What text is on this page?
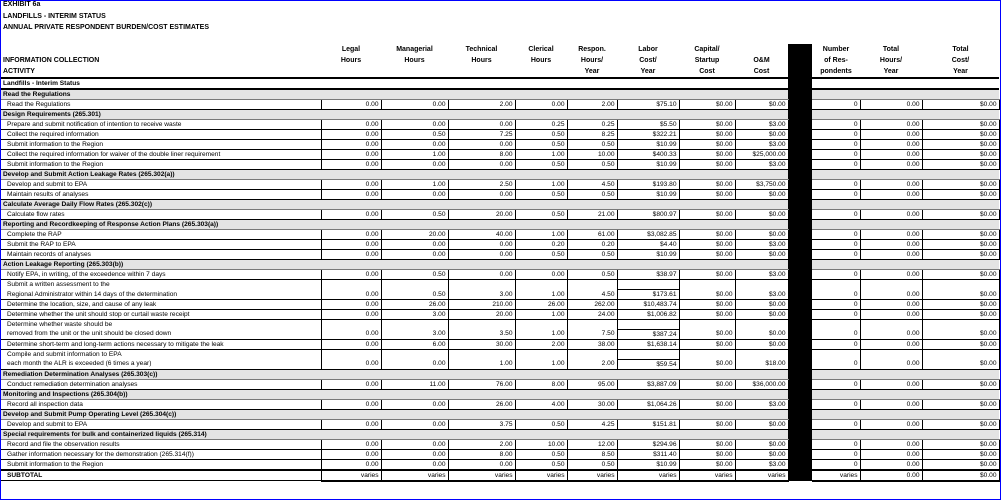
EXHIBIT 6a
LANDFILLS - INTERIM STATUS
ANNUAL PRIVATE RESPONDENT BURDEN/COST ESTIMATES
	Legal	Managerial	Technical	Clerical	Respon.	Labor	Capital/			Number	Total	Total
INFORMATION COLLECTION	Hours	Hours	Hours	Hours	Hours/	Cost/	Startup	O&M		of Res-	Hours/	Cost/
ACTIVITY					Year	Year	Cost	Cost		pondents	Year	Year
Landfills - Interim Status												
Read the Regulations												
Read the Regulations	0.00	0.00	2.00	0.00	2.00	$75.10	$0.00	$0.00		0	0.00	$0.00
Design Requirements (265.301)												
Prepare and submit notification of intention to receive waste	0.00	0.00	0.00	0.25	0.25	$5.50	$0.00	$3.00		0	0.00	$0.00
Collect the required information	0.00	0.50	7.25	0.50	8.25	$322.21	$0.00	$0.00		0	0.00	$0.00
Submit information to the Region	0.00	0.00	0.00	0.50	0.50	$10.99	$0.00	$3.00		0	0.00	$0.00
Collect the required information for waiver of the double liner requirement	0.00	1.00	8.00	1.00	10.00	$400.33	$0.00	$25,000.00		0	0.00	$0.00
Submit information to the Region	0.00	0.00	0.00	0.50	0.50	$10.99	$0.00	$3.00		0	0.00	$0.00
Develop and Submit Action Leakage Rates (265.302(a))												
Develop and submit to EPA	0.00	1.00	2.50	1.00	4.50	$193.80	$0.00	$3,750.00		0	0.00	$0.00
Maintain results of analyses	0.00	0.00	0.00	0.50	0.50	$10.99	$0.00	$0.00		0	0.00	$0.00
Calculate Average Daily Flow Rates (265.302(c))												
Calculate flow rates	0.00	0.50	20.00	0.50	21.00	$800.97	$0.00	$0.00		0	0.00	$0.00
Reporting and Recordkeeping of Response Action Plans (265.303(a))												
Complete the RAP	0.00	20.00	40.00	1.00	61.00	$3,082.85	$0.00	$0.00		0	0.00	$0.00
Submit the RAP to EPA	0.00	0.00	0.00	0.20	0.20	$4.40	$0.00	$3.00		0	0.00	$0.00
Maintain records of analyses	0.00	0.00	0.00	0.50	0.50	$10.99	$0.00	$0.00		0	0.00	$0.00
Action Leakage Reporting (265.303(b))												
Notify EPA, in writing, of the exceedence within 7 days	0.00	0.50	0.00	0.00	0.50	$38.97	$0.00	$3.00		0	0.00	$0.00
Submit a written assessment to the												
Regional Administrator within 14 days of the determination	0.00	0.50	3.00	1.00	4.50	$173.61	$0.00	$3.00		0	0.00	$0.00
Determine the location, size, and cause of any leak	0.00	26.00	210.00	26.00	262.00	$10,483.74	$0.00	$0.00		0	0.00	$0.00
Determine whether the unit should stop or curtail waste receipt	0.00	3.00	20.00	1.00	24.00	$1,006.82	$0.00	$0.00		0	0.00	$0.00
Determine whether waste should be												
removed from the unit or the unit should be closed down	0.00	3.00	3.50	1.00	7.50	$387.24	$0.00	$0.00		0	0.00	$0.00
Determine short-term and long-term actions necessary to mitigate the leak	0.00	6.00	30.00	2.00	38.00	$1,638.14	$0.00	$0.00		0	0.00	$0.00
Compile and submit information to EPA												
each month the ALR is exceeded (6 times a year)	0.00	0.00	1.00	1.00	2.00	$59.54	$0.00	$18.00		0	0.00	$0.00
Remediation Determination Analyses (265.303(c))												
Conduct remediation determination analyses	0.00	11.00	76.00	8.00	95.00	$3,887.09	$0.00	$36,000.00		0	0.00	$0.00
Monitoring and Inspections (265.304(b))												
Record all inspection data	0.00	0.00	26.00	4.00	30.00	$1,064.26	$0.00	$3.00		0	0.00	$0.00
Develop and Submit Pump Operating Level (265.304(c))												
Develop and submit to EPA	0.00	0.00	3.75	0.50	4.25	$151.81	$0.00	$0.00		0	0.00	$0.00
Special requirements for bulk and containerized liquids (265.314)												
Record and file the observation results	0.00	0.00	2.00	10.00	12.00	$294.96	$0.00	$0.00		0	0.00	$0.00
Gather information necessary for the demonstration (265.314(f))	0.00	0.00	8.00	0.50	8.50	$311.40	$0.00	$0.00		0	0.00	$0.00
Submit information to the Region	0.00	0.00	0.00	0.50	0.50	$10.99	$0.00	$3.00		0	0.00	$0.00
SUBTOTAL	varies	varies	varies	varies	varies	varies	varies	varies		varies	0.00	$0.00
